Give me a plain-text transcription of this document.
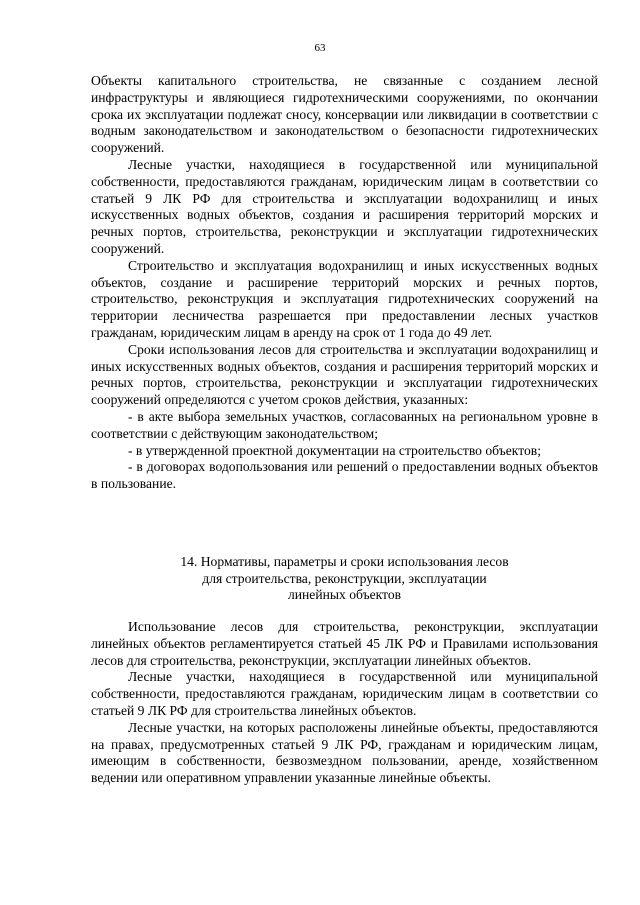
63

Объекты капитального строительства, не связанные с созданием лесной инфраструктуры и являющиеся гидротехническими сооружениями, по окончании срока их эксплуатации подлежат сносу, консервации или ликвидации в соответствии с водным законодательством и законодательством о безопасности гидротехнических сооружений.

Лесные участки, находящиеся в государственной или муниципальной собственности, предоставляются гражданам, юридическим лицам в соответствии со статьей 9 ЛК РФ для строительства и эксплуатации водохранилищ и иных искусственных водных объектов, создания и расширения территорий морских и речных портов, строительства, реконструкции и эксплуатации гидротехнических сооружений.

Строительство и эксплуатация водохранилищ и иных искусственных водных объектов, создание и расширение территорий морских и речных портов, строительство, реконструкция и эксплуатация гидротехнических сооружений на территории лесничества разрешается при предоставлении лесных участков гражданам, юридическим лицам в аренду на срок от 1 года до 49 лет.

Сроки использования лесов для строительства и эксплуатации водохранилищ и иных искусственных водных объектов, создания и расширения территорий морских и речных портов, строительства, реконструкции и эксплуатации гидротехнических сооружений определяются с учетом сроков действия, указанных:

- в акте выбора земельных участков, согласованных на региональном уровне в соответствии с действующим законодательством;

- в утвержденной проектной документации на строительство объектов;

- в договорах водопользования или решений о предоставлении водных объектов в пользование.

14. Нормативы, параметры и сроки использования лесов
для строительства, реконструкции, эксплуатации
линейных объектов

Использование лесов для строительства, реконструкции, эксплуатации линейных объектов регламентируется статьей 45 ЛК РФ и Правилами использования лесов для строительства, реконструкции, эксплуатации линейных объектов.

Лесные участки, находящиеся в государственной или муниципальной собственности, предоставляются гражданам, юридическим лицам в соответствии со статьей 9 ЛК РФ для строительства линейных объектов.

Лесные участки, на которых расположены линейные объекты, предоставляются на правах, предусмотренных статьей 9 ЛК РФ, гражданам и юридическим лицам, имеющим в собственности, безвозмездном пользовании, аренде, хозяйственном ведении или оперативном управлении указанные линейные объекты.
